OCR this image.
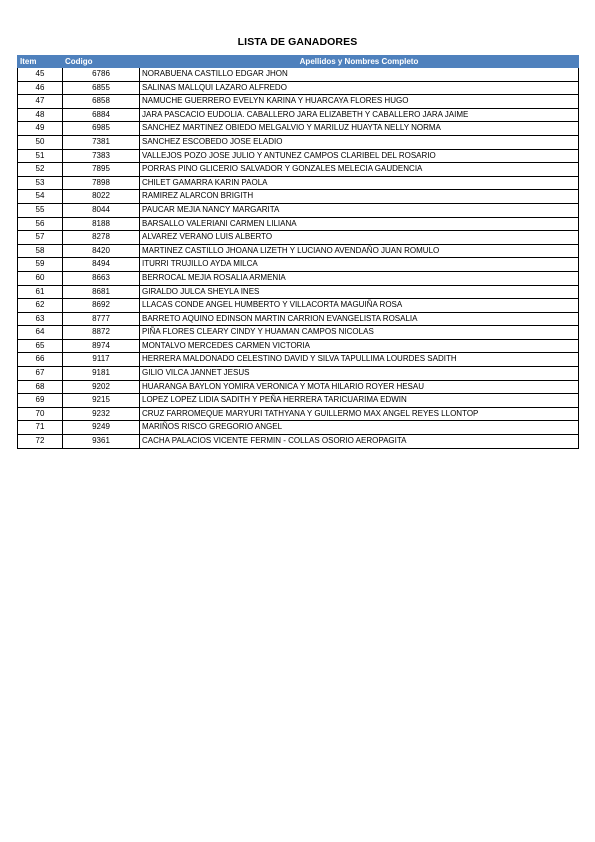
LISTA DE GANADORES
Item	Codigo	Apellidos y Nombres Completo
45	6786	NORABUENA CASTILLO EDGAR JHON
46	6855	SALINAS MALLQUI LAZARO ALFREDO
47	6858	NAMUCHE GUERRERO EVELYN KARINA Y HUARCAYA FLORES HUGO
48	6884	JARA PASCACIO EUDOLIA. CABALLERO JARA ELIZABETH Y CABALLERO JARA JAIME
49	6985	SANCHEZ MARTINEZ OBIEDO MELGALVIO Y MARILUZ HUAYTA NELLY NORMA
50	7381	SANCHEZ ESCOBEDO JOSE ELADIO
51	7383	VALLEJOS POZO JOSE JULIO Y ANTUNEZ CAMPOS CLARIBEL DEL ROSARIO
52	7895	PORRAS PINO GLICERIO SALVADOR Y GONZALES MELECIA GAUDENCIA
53	7898	CHILET GAMARRA KARIN PAOLA
54	8022	RAMIREZ ALARCON BRIGITH
55	8044	PAUCAR MEJIA NANCY MARGARITA
56	8188	BARSALLO VALERIANI CARMEN LILIANA
57	8278	ALVAREZ VERANO LUIS ALBERTO
58	8420	MARTINEZ CASTILLO JHOANA LIZETH Y LUCIANO AVENDAÑO JUAN ROMULO
59	8494	ITURRI TRUJILLO AYDA MILCA
60	8663	BERROCAL MEJIA ROSALIA ARMENIA
61	8681	GIRALDO JULCA SHEYLA INES
62	8692	LLACAS CONDE ANGEL HUMBERTO Y VILLACORTA MAGUIÑA ROSA
63	8777	BARRETO AQUINO EDINSON MARTIN CARRION EVANGELISTA ROSALIA
64	8872	PIÑA FLORES CLEARY CINDY Y HUAMAN CAMPOS NICOLAS
65	8974	MONTALVO MERCEDES CARMEN VICTORIA
66	9117	HERRERA MALDONADO CELESTINO DAVID Y SILVA TAPULLIMA LOURDES SADITH
67	9181	GILIO VILCA JANNET JESUS
68	9202	HUARANGA BAYLON YOMIRA VERONICA Y MOTA HILARIO ROYER HESAU
69	9215	LOPEZ LOPEZ LIDIA SADITH Y PEÑA HERRERA TARICUARIMA EDWIN
70	9232	CRUZ FARROMEQUE MARYURI TATHYANA Y GUILLERMO MAX ANGEL REYES LLONTOP
71	9249	MARIÑOS RISCO GREGORIO ANGEL
72	9361	CACHA PALACIOS VICENTE FERMIN - COLLAS OSORIO AEROPAGITA
